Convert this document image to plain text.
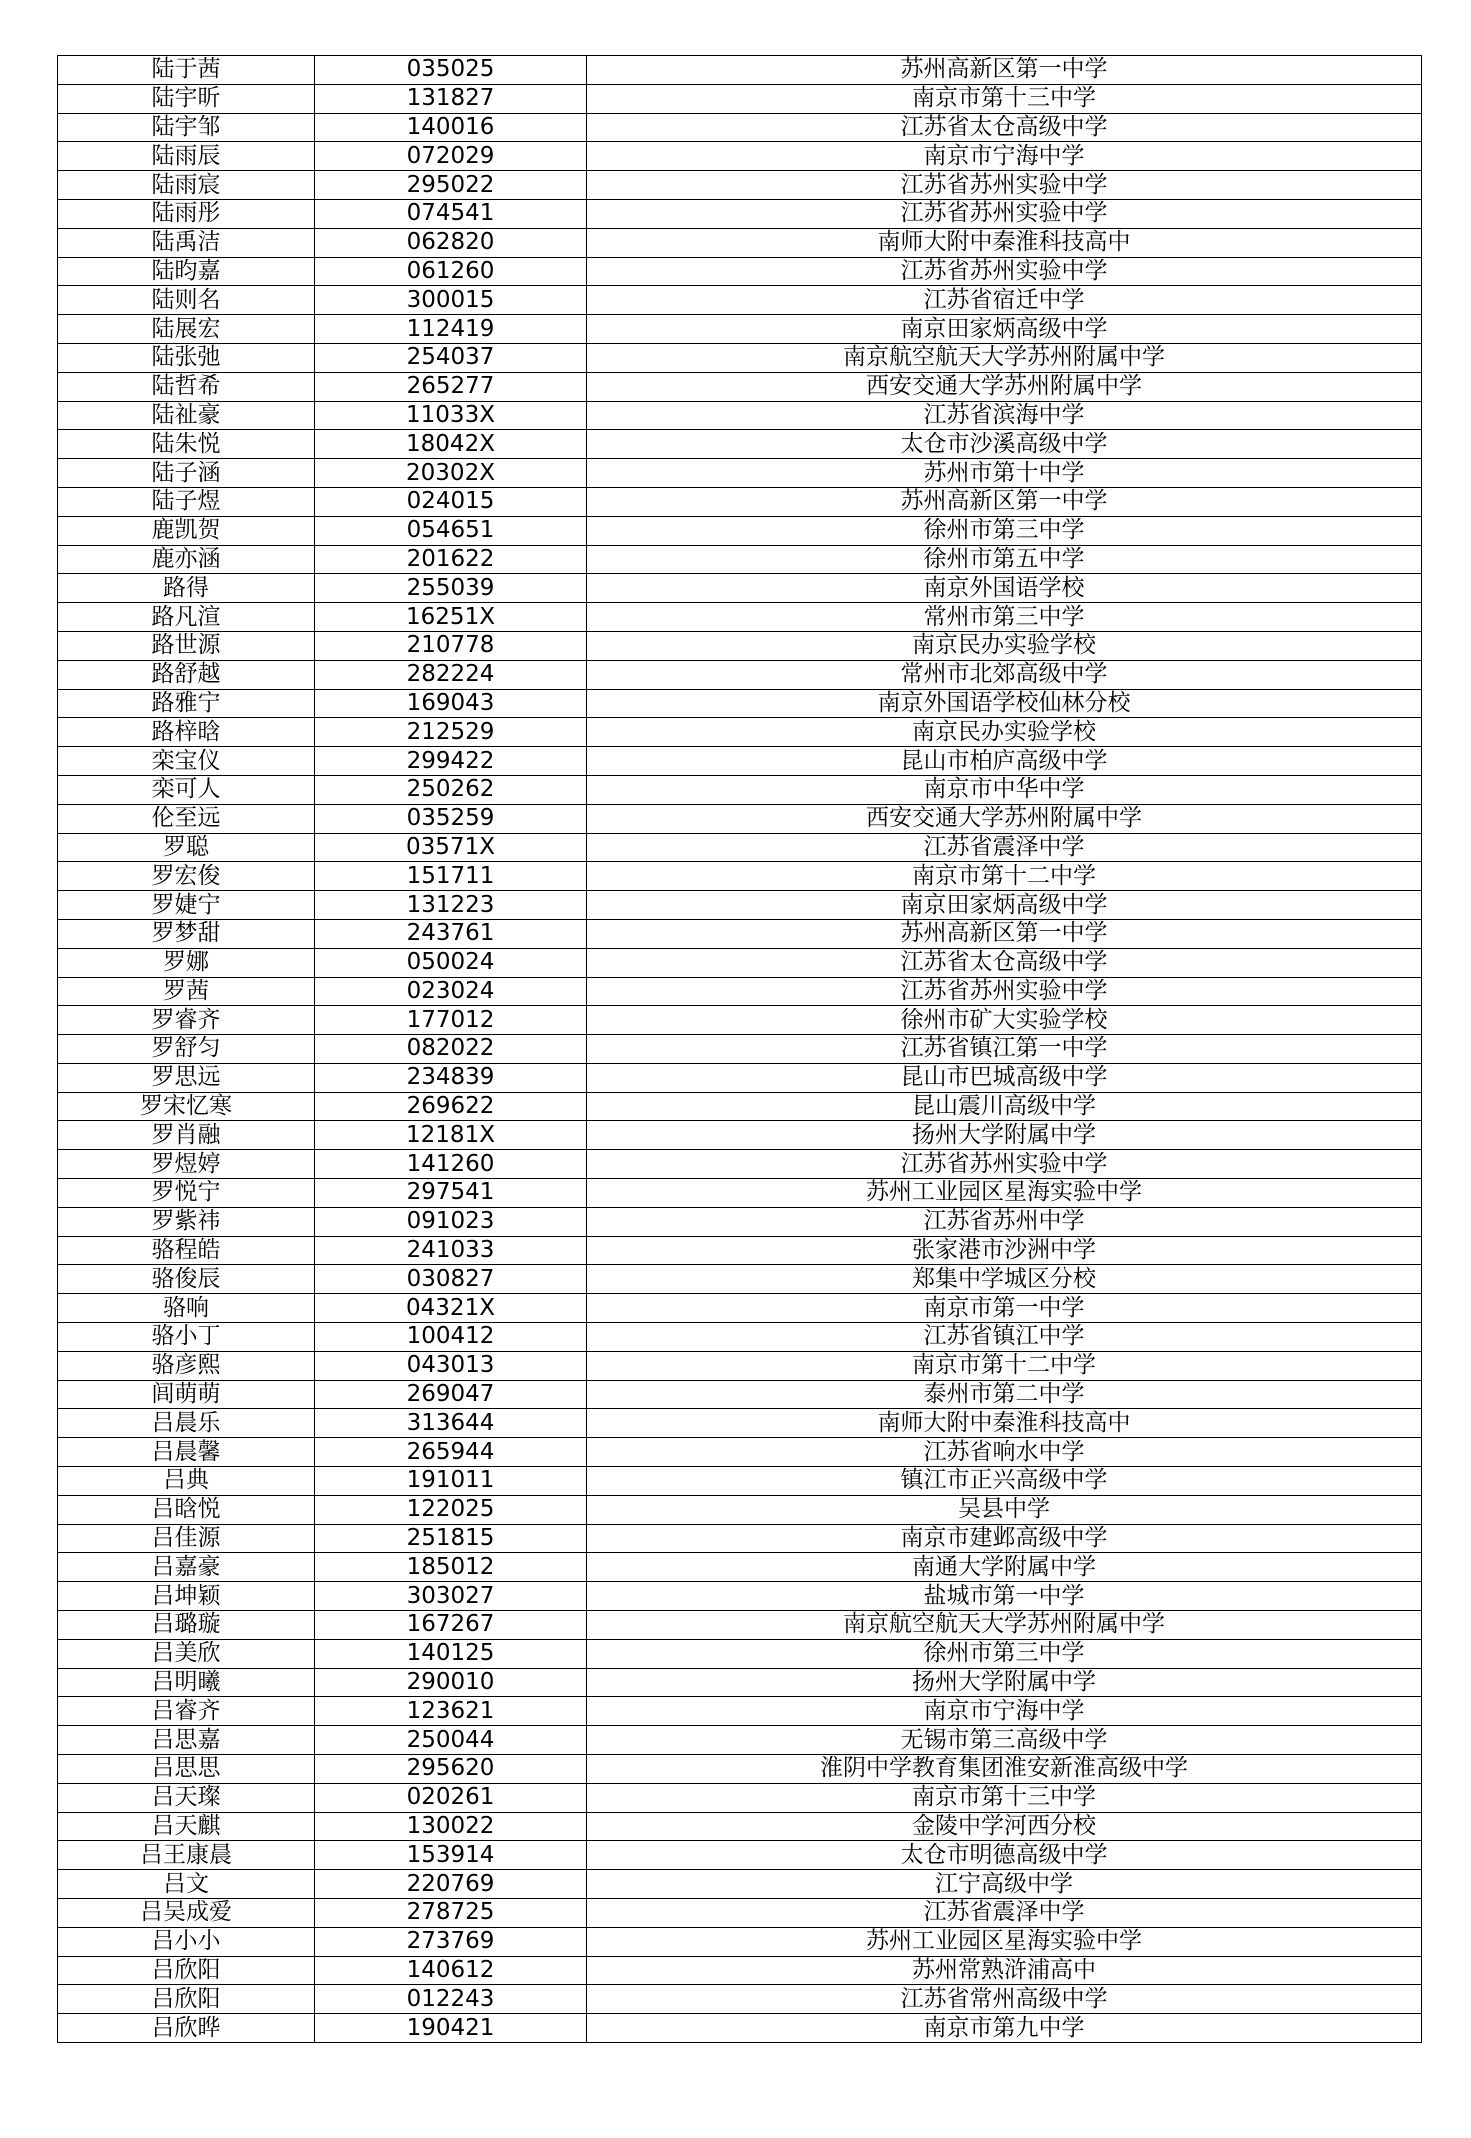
陆于茜	035025	苏州高新区第一中学
陆宇昕	131827	南京市第十三中学
陆宇邹	140016	江苏省太仓高级中学
陆雨辰	072029	南京市宁海中学
陆雨宸	295022	江苏省苏州实验中学
陆雨彤	074541	江苏省苏州实验中学
陆禹洁	062820	南师大附中秦淮科技高中
陆昀嘉	061260	江苏省苏州实验中学
陆则名	300015	江苏省宿迁中学
陆展宏	112419	南京田家炳高级中学
陆张弛	254037	南京航空航天大学苏州附属中学
陆哲希	265277	西安交通大学苏州附属中学
陆祉豪	11033X	江苏省滨海中学
陆朱悦	18042X	太仓市沙溪高级中学
陆子涵	20302X	苏州市第十中学
陆子煜	024015	苏州高新区第一中学
鹿凯贺	054651	徐州市第三中学
鹿亦涵	201622	徐州市第五中学
路得	255039	南京外国语学校
路凡渲	16251X	常州市第三中学
路世源	210778	南京民办实验学校
路舒越	282224	常州市北郊高级中学
路雅宁	169043	南京外国语学校仙林分校
路梓晗	212529	南京民办实验学校
栾宝仪	299422	昆山市柏庐高级中学
栾可人	250262	南京市中华中学
伦至远	035259	西安交通大学苏州附属中学
罗聪	03571X	江苏省震泽中学
罗宏俊	151711	南京市第十二中学
罗婕宁	131223	南京田家炳高级中学
罗梦甜	243761	苏州高新区第一中学
罗娜	050024	江苏省太仓高级中学
罗茜	023024	江苏省苏州实验中学
罗睿齐	177012	徐州市矿大实验学校
罗舒匀	082022	江苏省镇江第一中学
罗思远	234839	昆山市巴城高级中学
罗宋忆寒	269622	昆山震川高级中学
罗肖融	12181X	扬州大学附属中学
罗煜婷	141260	江苏省苏州实验中学
罗悦宁	297541	苏州工业园区星海实验中学
罗紫祎	091023	江苏省苏州中学
骆程皓	241033	张家港市沙洲中学
骆俊辰	030827	郑集中学城区分校
骆响	04321X	南京市第一中学
骆小丁	100412	江苏省镇江中学
骆彦熙	043013	南京市第十二中学
闾萌萌	269047	泰州市第二中学
吕晨乐	313644	南师大附中秦淮科技高中
吕晨馨	265944	江苏省响水中学
吕典	191011	镇江市正兴高级中学
吕晗悦	122025	吴县中学
吕佳源	251815	南京市建邺高级中学
吕嘉豪	185012	南通大学附属中学
吕坤颖	303027	盐城市第一中学
吕璐璇	167267	南京航空航天大学苏州附属中学
吕美欣	140125	徐州市第三中学
吕明曦	290010	扬州大学附属中学
吕睿齐	123621	南京市宁海中学
吕思嘉	250044	无锡市第三高级中学
吕思思	295620	淮阴中学教育集团淮安新淮高级中学
吕天璨	020261	南京市第十三中学
吕天麒	130022	金陵中学河西分校
吕王康晨	153914	太仓市明德高级中学
吕文	220769	江宁高级中学
吕吴成爱	278725	江苏省震泽中学
吕小小	273769	苏州工业园区星海实验中学
吕欣阳	140612	苏州常熟浒浦高中
吕欣阳	012243	江苏省常州高级中学
吕欣晔	190421	南京市第九中学
